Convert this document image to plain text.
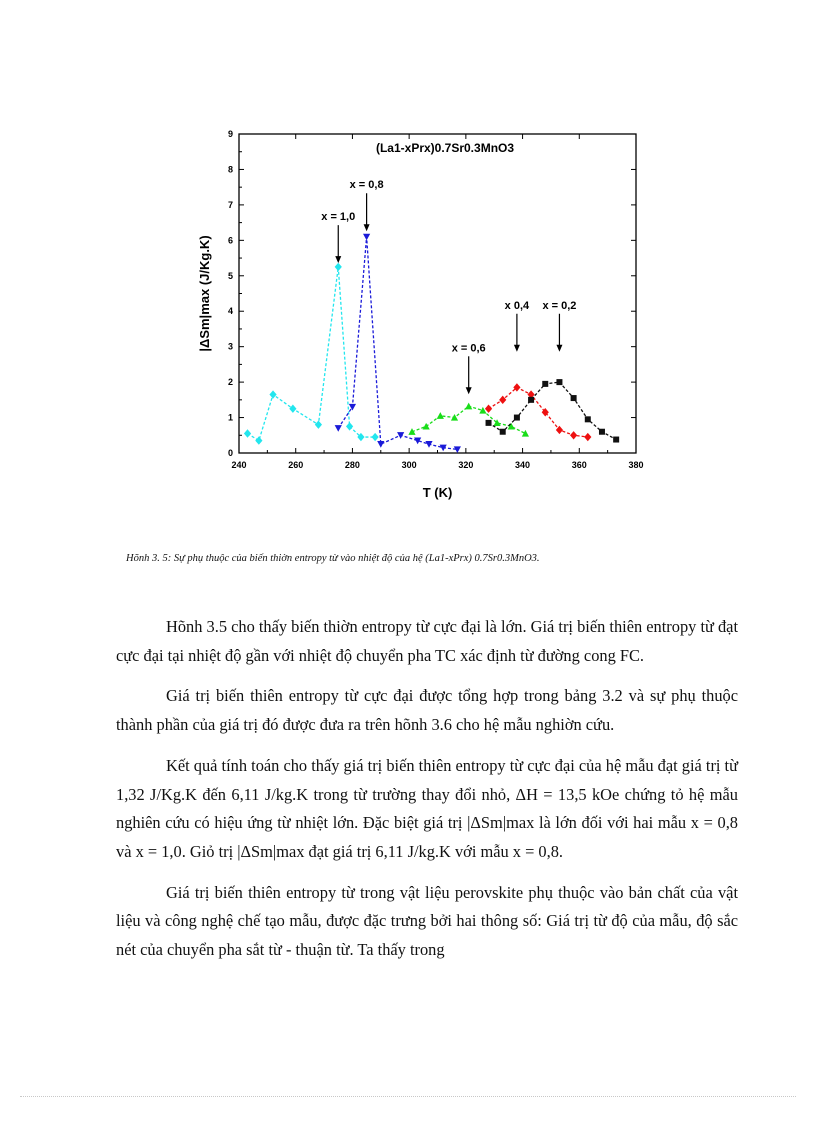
240	260	280	300	320	340	360	380
0
1
2
3
4
5
6
7
8
9
T (K)
|ΔSm|max (J/Kg.K)
(La1-xPrx)0.7Sr0.3MnO3
x = 1,0
x = 0,8
x = 0,6
x 0,4 x = 0,2
Hõnh 3. 5: Sự phụ thuộc của biến thiờn entropy từ vào nhiệt độ của hệ (La1-xPrx) 0.7Sr0.3MnO3.

Hõnh 3.5 cho thấy biến thiờn entropy từ cực đại là lớn. Giá trị biến thiên entropy từ đạt cực đại tại nhiệt độ gần với nhiệt độ chuyển pha TC xác định từ đường cong FC.

Giá trị biến thiên entropy từ cực đại được tổng hợp trong bảng 3.2 và sự phụ thuộc thành phần của giá trị đó được đưa ra trên hõnh 3.6 cho hệ mẫu nghiờn cứu.

Kết quả tính toán cho thấy giá trị biến thiên entropy từ cực đại của hệ mẫu đạt giá trị từ 1,32 J/Kg.K đến 6,11 J/kg.K trong từ trường thay đổi nhỏ, ΔH = 13,5 kOe chứng tỏ hệ mẫu nghiên cứu có hiệu ứng từ nhiệt lớn. Đặc biệt giá trị |ΔSm|max là lớn đối với hai mẫu x = 0,8 và x = 1,0. Giỏ trị |ΔSm|max đạt giá trị 6,11 J/kg.K với mẫu x = 0,8.

Giá trị biến thiên entropy từ trong vật liệu perovskite phụ thuộc vào bản chất của vật liệu và công nghệ chế tạo mẫu, được đặc trưng bởi hai thông số: Giá trị từ độ của mẫu, độ sắc nét của chuyển pha sắt từ - thuận từ. Ta thấy trong
